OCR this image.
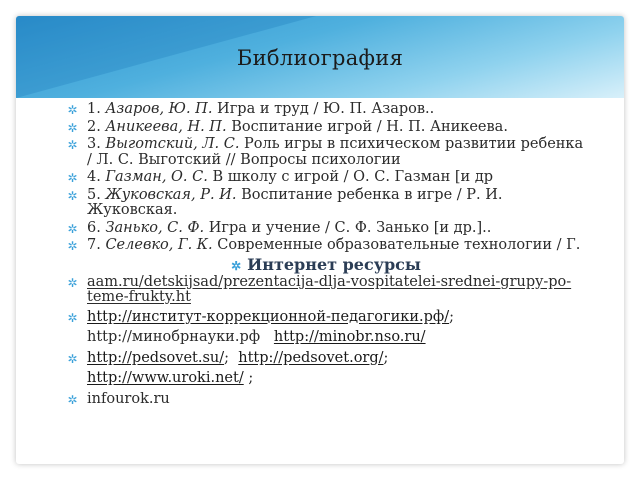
Библиография
✲ 1. Азаров, Ю. П. Игра и труд / Ю. П. Азаров..
✲ 2. Аникеева, Н. П. Воспитание игрой / Н. П. Аникеева.
✲ 3. Выготский, Л. С. Роль игры в психическом развитии ребенка / Л. С. Выготский // Вопросы психологии
✲ 4. Газман, О. С. В школу с игрой / О. С. Газман [и др
✲ 5. Жуковская, Р. И. Воспитание ребенка в игре / Р. И. Жуковская.
✲ 6. Занько, С. Ф. Игра и учение / С. Ф. Занько [и др.]..
✲ 7. Селевко, Г. К. Современные образовательные технологии / Г.
✲ Интернет ресурсы
✲ aam.ru/detskijsad/prezentacija-dlja-vospitatelei-srednei-grupy-po-teme-frukty.ht
✲ http://институт-коррекционной-педагогики.рф/;
http://минобрнауки.рф http://minobr.nso.ru/
✲ http://pedsovet.su/; http://pedsovet.org/;
http://www.uroki.net/ ;
✲ infourok.ru
